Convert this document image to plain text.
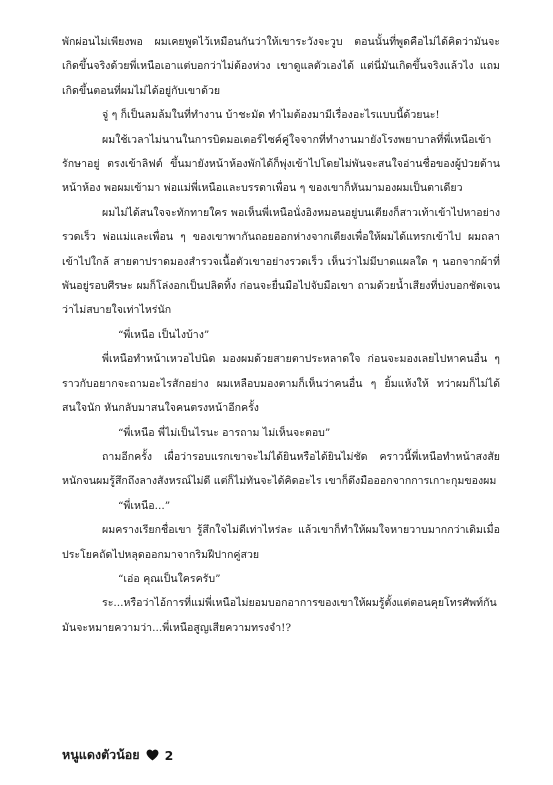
พักผ่อนไม่เพียงพอ ผมเคยพูดไว้เหมือนกันว่าให้เขาระวังจะวูบ ตอนนั้นที่พูดคือไม่ได้คิดว่ามันจะเกิดขึ้นจริงด้วยพี่เหนือเอาแต่บอกว่าไม่ต้องห่วง เขาดูแลตัวเองได้ แต่นี่มันเกิดขึ้นจริงแล้วไง แถมเกิดขึ้นตอนที่ผมไม่ได้อยู่กับเขาด้วย

จู่ ๆ ก็เป็นลมล้มในที่ทำงาน บ้าชะมัด ทำไมต้องมามีเรื่องอะไรแบบนี้ด้วยนะ!

ผมใช้เวลาไม่นานในการบิดมอเตอร์ไซค์คู่ใจจากที่ทำงานมายังโรงพยาบาลที่พี่เหนือเข้ารักษาอยู่ ตรงเข้าลิฟต์ ขึ้นมายังหน้าห้องพักได้ก็พุ่งเข้าไปโดยไม่พันจะสนใจอ่านชื่อของผู้ป่วยด้านหน้าห้อง พอผมเข้ามา พ่อแม่พี่เหนือและบรรดาเพื่อน ๆ ของเขาก็หันมามองผมเป็นตาเดียว

ผมไม่ได้สนใจจะทักทายใคร พอเห็นพี่เหนือนั่งอิงหมอนอยู่บนเตียงก็สาวเท้าเข้าไปหาอย่างรวดเร็ว พ่อแม่และเพื่อน ๆ ของเขาพากันถอยออกห่างจากเตียงเพื่อให้ผมได้แทรกเข้าไป ผมถลาเข้าไปใกล้ สายตาปราดมองสำรวจเนื้อตัวเขาอย่างรวดเร็ว เห็นว่าไม่มีบาดแผลใด ๆ นอกจากผ้าที่พันอยู่รอบศีรษะ ผมก็โล่งอกเป็นปลิดทิ้ง ก่อนจะยื่นมือไปจับมือเขา ถามด้วยน้ำเสียงที่บ่งบอกชัดเจนว่าไม่สบายใจเท่าไหร่นัก

“พี่เหนือ เป็นไงบ้าง”

พี่เหนือทำหน้าเหวอไปนิด มองผมด้วยสายตาประหลาดใจ ก่อนจะมองเลยไปหาคนอื่น ๆ ราวกับอยากจะถามอะไรสักอย่าง ผมเหลือบมองตามก็เห็นว่าคนอื่น ๆ ยิ้มแห้งให้ ทว่าผมก็ไม่ได้สนใจนัก หันกลับมาสนใจคนตรงหน้าอีกครั้ง

“พี่เหนือ พี่ไม่เป็นไรนะ อารถาม ไม่เห็นจะตอบ”

ถามอีกครั้ง เผื่อว่ารอบแรกเขาจะไม่ได้ยินหรือได้ยินไม่ชัด คราวนี้พี่เหนือทำหน้าสงสัยหนักจนผมรู้สึกถึงลางสังหรณ์ไม่ดี แต่ก็ไม่ทันจะได้คิดอะไร เขาก็ดึงมือออกจากการเกาะกุมของผม

“พี่เหนือ...”

ผมครางเรียกชื่อเขา รู้สึกใจไม่ดีเท่าไหร่ละ แล้วเขาก็ทำให้ผมใจหายวาบมากกว่าเดิมเมื่อประโยคถัดไปหลุดออกมาจากริมฝีปากคู่สวย

“เอ่อ คุณเป็นใครครับ”

ระ...หรือว่าไอ้การที่แม่พี่เหนือไม่ยอมบอกอาการของเขาให้ผมรู้ตั้งแต่ตอนคุยโทรศัพท์กัน มันจะหมายความว่า...พี่เหนือสูญเสียความทรงจำ!?

หนูแดงตัวน้อย 2
